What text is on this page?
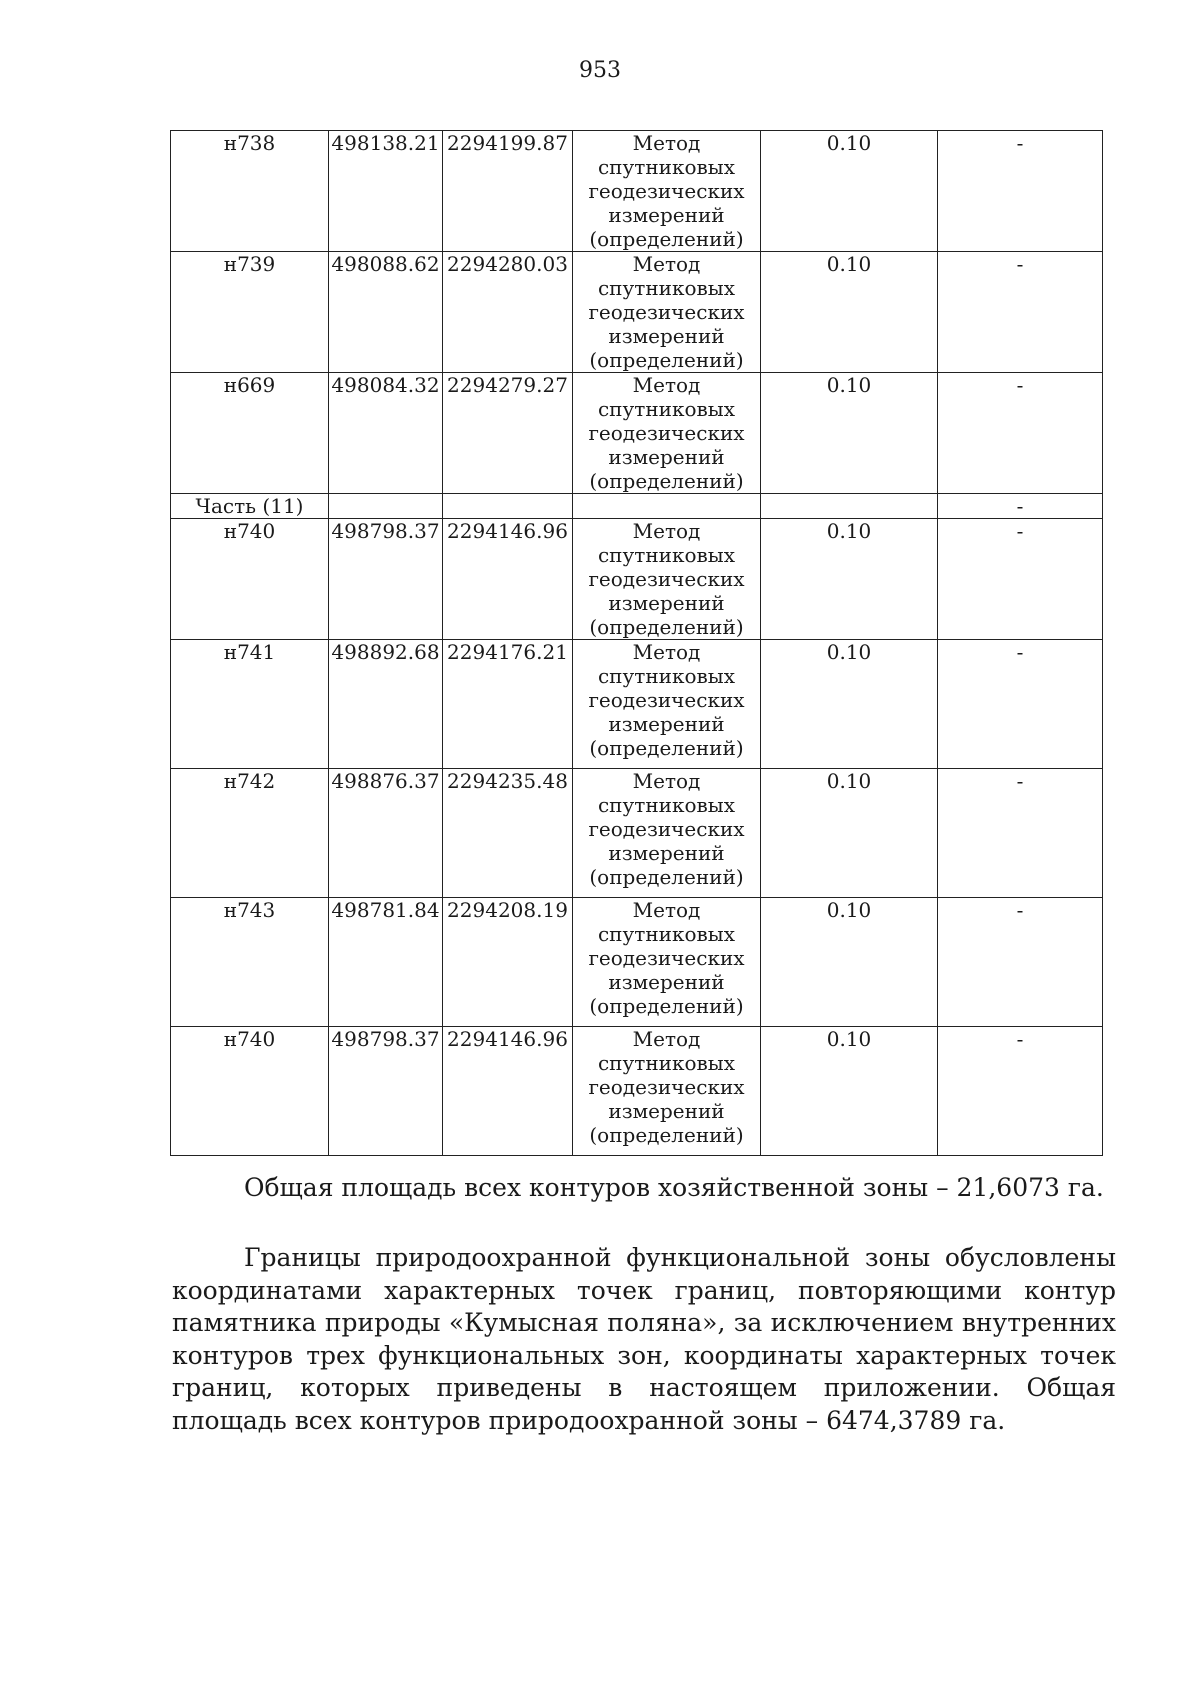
953
н738	498138.21	2294199.87	Метод
спутниковых
геодезических
измерений
(определений)	0.10	-
н739	498088.62	2294280.03	Метод
спутниковых
геодезических
измерений
(определений)	0.10	-
н669	498084.32	2294279.27	Метод
спутниковых
геодезических
измерений
(определений)	0.10	-
Часть (11)					-
н740	498798.37	2294146.96	Метод
спутниковых
геодезических
измерений
(определений)	0.10	-
н741	498892.68	2294176.21	Метод
спутниковых
геодезических
измерений
(определений)	0.10	-
н742	498876.37	2294235.48	Метод
спутниковых
геодезических
измерений
(определений)	0.10	-
н743	498781.84	2294208.19	Метод
спутниковых
геодезических
измерений
(определений)	0.10	-
н740	498798.37	2294146.96	Метод
спутниковых
геодезических
измерений
(определений)	0.10	-

Общая площадь всех контуров хозяйственной зоны – 21,6073 га.

Границы природоохранной функциональной зоны обусловлены координатами характерных точек границ, повторяющими контур памятника природы «Кумысная поляна», за исключением внутренних контуров трех функциональных зон, координаты характерных точек границ, которых приведены в настоящем приложении. Общая площадь всех контуров природоохранной зоны – 6474,3789 га.
